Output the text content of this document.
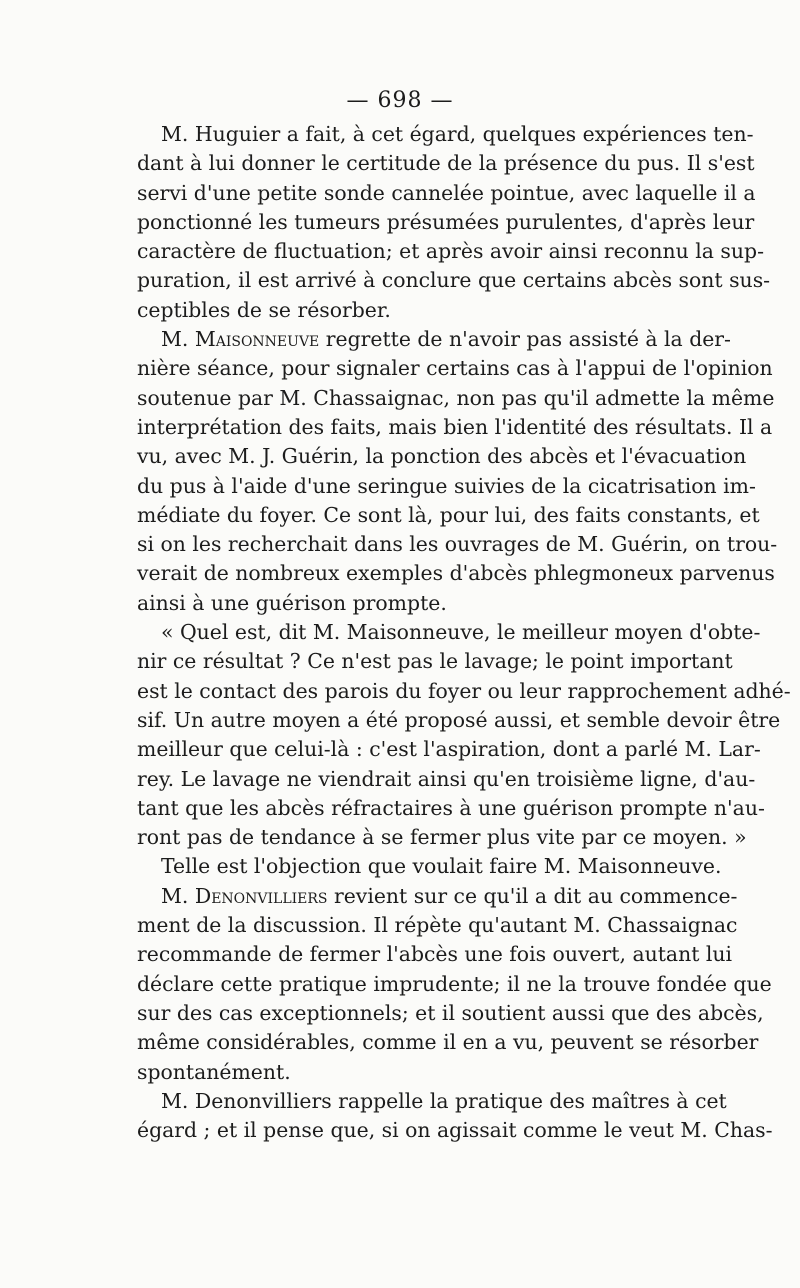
— 698 —

M. Huguier a fait, à cet égard, quelques expériences ten-
dant à lui donner le certitude de la présence du pus. Il s'est
servi d'une petite sonde cannelée pointue, avec laquelle il a
ponctionné les tumeurs présumées purulentes, d'après leur
caractère de fluctuation; et après avoir ainsi reconnu la sup-
puration, il est arrivé à conclure que certains abcès sont sus-
ceptibles de se résorber.
M. Maisonneuve regrette de n'avoir pas assisté à la der-
nière séance, pour signaler certains cas à l'appui de l'opinion
soutenue par M. Chassaignac, non pas qu'il admette la même
interprétation des faits, mais bien l'identité des résultats. Il a
vu, avec M. J. Guérin, la ponction des abcès et l'évacuation
du pus à l'aide d'une seringue suivies de la cicatrisation im-
médiate du foyer. Ce sont là, pour lui, des faits constants, et
si on les recherchait dans les ouvrages de M. Guérin, on trou-
verait de nombreux exemples d'abcès phlegmoneux parvenus
ainsi à une guérison prompte.
« Quel est, dit M. Maisonneuve, le meilleur moyen d'obte-
nir ce résultat ? Ce n'est pas le lavage; le point important
est le contact des parois du foyer ou leur rapprochement adhé-
sif. Un autre moyen a été proposé aussi, et semble devoir être
meilleur que celui-là : c'est l'aspiration, dont a parlé M. Lar-
rey. Le lavage ne viendrait ainsi qu'en troisième ligne, d'au-
tant que les abcès réfractaires à une guérison prompte n'au-
ront pas de tendance à se fermer plus vite par ce moyen. »
Telle est l'objection que voulait faire M. Maisonneuve.
M. Denonvilliers revient sur ce qu'il a dit au commence-
ment de la discussion. Il répète qu'autant M. Chassaignac
recommande de fermer l'abcès une fois ouvert, autant lui
déclare cette pratique imprudente; il ne la trouve fondée que
sur des cas exceptionnels; et il soutient aussi que des abcès,
même considérables, comme il en a vu, peuvent se résorber
spontanément.
M. Denonvilliers rappelle la pratique des maîtres à cet
égard ; et il pense que, si on agissait comme le veut M. Chas-
